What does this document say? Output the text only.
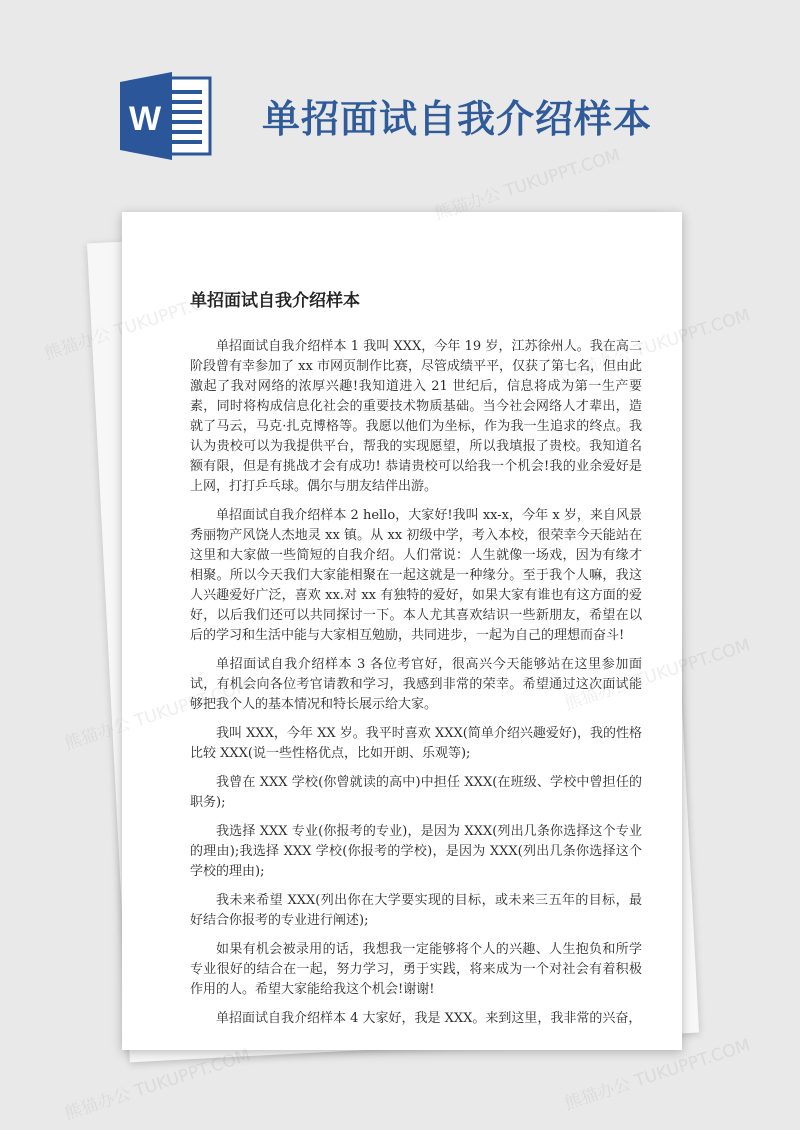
W	单招面试自我介绍样本
单招面试自我介绍样本

单招面试自我介绍样本 1 我叫 XXX，今年 19 岁，江苏徐州人。我在高二阶段曾有幸参加了 xx 市网页制作比赛，尽管成绩平平，仅获了第七名，但由此激起了我对网络的浓厚兴趣!我知道进入 21 世纪后，信息将成为第一生产要素，同时将构成信息化社会的重要技术物质基础。当今社会网络人才辈出，造就了马云，马克·扎克博格等。我愿以他们为坐标，作为我一生追求的终点。我认为贵校可以为我提供平台，帮我的实现愿望，所以我填报了贵校。我知道名额有限，但是有挑战才会有成功! 恭请贵校可以给我一个机会!我的业余爱好是上网，打打乒乓球。偶尔与朋友结伴出游。

单招面试自我介绍样本 2 hello，大家好!我叫 xx-x，今年 x 岁，来自风景秀丽物产风饶人杰地灵 xx 镇。从 xx 初级中学，考入本校，很荣幸今天能站在这里和大家做一些简短的自我介绍。人们常说：人生就像一场戏，因为有缘才相聚。所以今天我们大家能相聚在一起这就是一种缘分。至于我个人嘛，我这人兴趣爱好广泛，喜欢 xx.对 xx 有独特的爱好，如果大家有谁也有这方面的爱好，以后我们还可以共同探讨一下。本人尤其喜欢结识一些新朋友，希望在以后的学习和生活中能与大家相互勉励，共同进步，一起为自己的理想而奋斗!

单招面试自我介绍样本 3 各位考官好，很高兴今天能够站在这里参加面试，有机会向各位考官请教和学习，我感到非常的荣幸。希望通过这次面试能够把我个人的基本情况和特长展示给大家。

我叫 XXX，今年 XX 岁。我平时喜欢 XXX(简单介绍兴趣爱好)，我的性格比较 XXX(说一些性格优点，比如开朗、乐观等);

我曾在 XXX 学校(你曾就读的高中)中担任 XXX(在班级、学校中曾担任的职务);

我选择 XXX 专业(你报考的专业)，是因为 XXX(列出几条你选择这个专业的理由);我选择 XXX 学校(你报考的学校)，是因为 XXX(列出几条你选择这个学校的理由);

我未来希望 XXX(列出你在大学要实现的目标，或未来三五年的目标，最好结合你报考的专业进行阐述);

如果有机会被录用的话，我想我一定能够将个人的兴趣、人生抱负和所学专业很好的结合在一起，努力学习，勇于实践，将来成为一个对社会有着积极作用的人。希望大家能给我这个机会!谢谢!

单招面试自我介绍样本 4 大家好，我是 XXX。来到这里，我非常的兴奋，

熊猫办公 TUKUPPT.COM
熊猫办公	TUKUPPT.COM
熊猫办公
TUKUPPT.COM
熊猫办公 TUKUPPT.COM	熊猫办公 TUKUPPT.COM
